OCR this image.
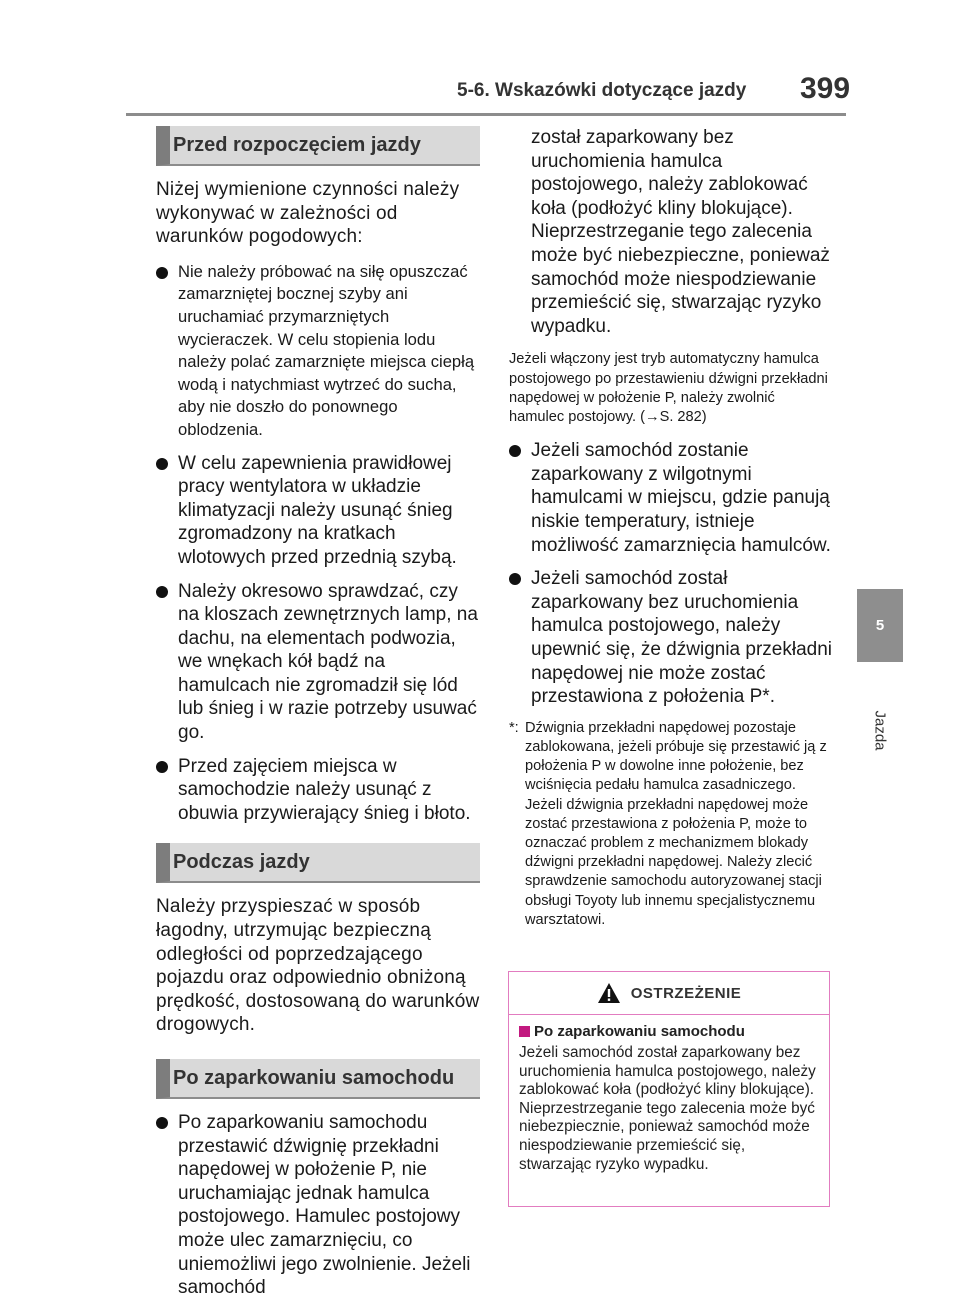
5-6. Wskazówki dotyczące jazdy 399
5
Jazda
Przed rozpoczęciem jazdy

Niżej wymienione czynności należy wykonywać w zależności od warunków pogodowych:

Nie należy próbować na siłę opuszczać zamarzniętej bocznej szyby ani uruchamiać przymarzniętych wycieraczek. W celu stopienia lodu należy polać zamarznięte miejsca ciepłą wodą i natychmiast wytrzeć do sucha, aby nie doszło do ponownego oblodzenia.
W celu zapewnienia prawidłowej pracy wentylatora w układzie klimatyzacji należy usunąć śnieg zgromadzony na kratkach wlotowych przed przednią szybą.
Należy okresowo sprawdzać, czy na kloszach zewnętrznych lamp, na dachu, na elementach podwozia, we wnękach kół bądź na hamulcach nie zgromadził się lód lub śnieg i w razie potrzeby usuwać go.
Przed zajęciem miejsca w samochodzie należy usunąć z obuwia przywierający śnieg i błoto.
Podczas jazdy

Należy przyspieszać w sposób łagodny, utrzymując bezpieczną odległości od poprzedzającego pojazdu oraz odpowiednio obniżoną prędkość, dostosowaną do warunków drogowych.

Po zaparkowaniu samochodu
Po zaparkowaniu samochodu przestawić dźwignię przekładni napędowej w położenie P, nie uruchamiając jednak hamulca postojowego. Hamulec postojowy może ulec zamarznięciu, co uniemożliwi jego zwolnienie. Jeżeli samochód

został zaparkowany bez uruchomienia hamulca postojowego, należy zablokować koła (podłożyć kliny blokujące). Nieprzestrzeganie tego zalecenia może być niebezpieczne, ponieważ samochód może niespodziewanie przemieścić się, stwarzając ryzyko wypadku.

Jeżeli włączony jest tryb automatyczny hamulca postojowego po przestawieniu dźwigni przekładni napędowej w położenie P, należy zwolnić hamulec postojowy. (→S. 282)

Jeżeli samochód zostanie zaparkowany z wilgotnymi hamulcami w miejscu, gdzie panują niskie temperatury, istnieje możliwość zamarznięcia hamulców.
Jeżeli samochód został zaparkowany bez uruchomienia hamulca postojowego, należy upewnić się, że dźwignia przekładni napędowej nie może zostać przestawiona z położenia P*.
*: Dźwignia przekładni napędowej pozostaje zablokowana, jeżeli próbuje się przestawić ją z położenia P w dowolne inne położenie, bez wciśnięcia pedału hamulca zasadniczego. Jeżeli dźwignia przekładni napędowej może zostać przestawiona z położenia P, może to oznaczać problem z mechanizmem blokady dźwigni przekładni napędowej. Należy zlecić sprawdzenie samochodu autoryzowanej stacji obsługi Toyoty lub innemu specjalistycznemu warsztatowi.
OSTRZEŻENIE
Po zaparkowaniu samochodu
Jeżeli samochód został zaparkowany bez uruchomienia hamulca postojowego, należy zablokować koła (podłożyć kliny blokujące). Nieprzestrzeganie tego zalecenia może być niebezpiecznie, ponieważ samochód może niespodziewanie przemieścić się, stwarzając ryzyko wypadku.
